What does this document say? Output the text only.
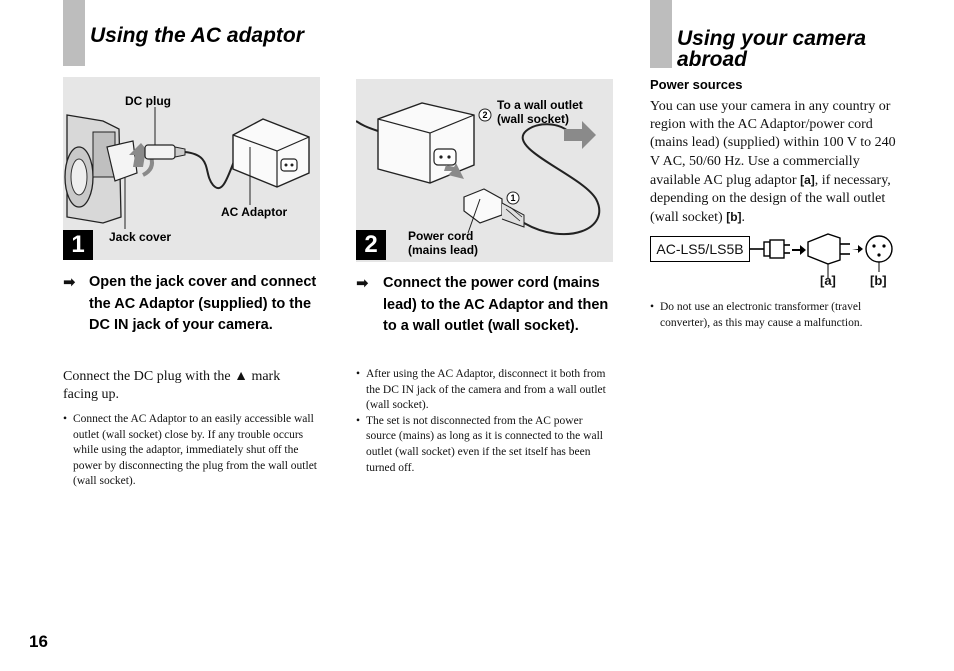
Using the AC adaptor
DC plug
AC Adaptor
Jack cover
1
➡ Open the jack cover and connect the AC Adaptor (supplied) to the DC IN jack of your camera.
Connect the DC plug with the ▲ mark facing up.
• Connect the AC Adaptor to an easily accessible wall outlet (wall socket) close by. If any trouble occurs while using the adaptor, immediately shut off the power by disconnecting the plug from the wall outlet (wall socket).
2
1
To a wall outlet
(wall socket)
Power cord
(mains lead)
2
➡ Connect the power cord (mains lead) to the AC Adaptor and then to a wall outlet (wall socket).
• After using the AC Adaptor, disconnect it both from the DC IN jack of the camera and from a wall outlet (wall socket).
• The set is not disconnected from the AC power source (mains) as long as it is connected to the wall outlet (wall socket) even if the set itself has been turned off.
Using your camera
abroad
Power sources
You can use your camera in any country or region with the AC Adaptor/power cord (mains lead) (supplied) within 100 V to 240 V AC, 50/60 Hz. Use a commercially available AC plug adaptor [a], if necessary, depending on the design of the wall outlet (wall socket) [b].
AC-LS5/LS5B
[a]	[b]
• Do not use an electronic transformer (travel converter), as this may cause a malfunction.
16
